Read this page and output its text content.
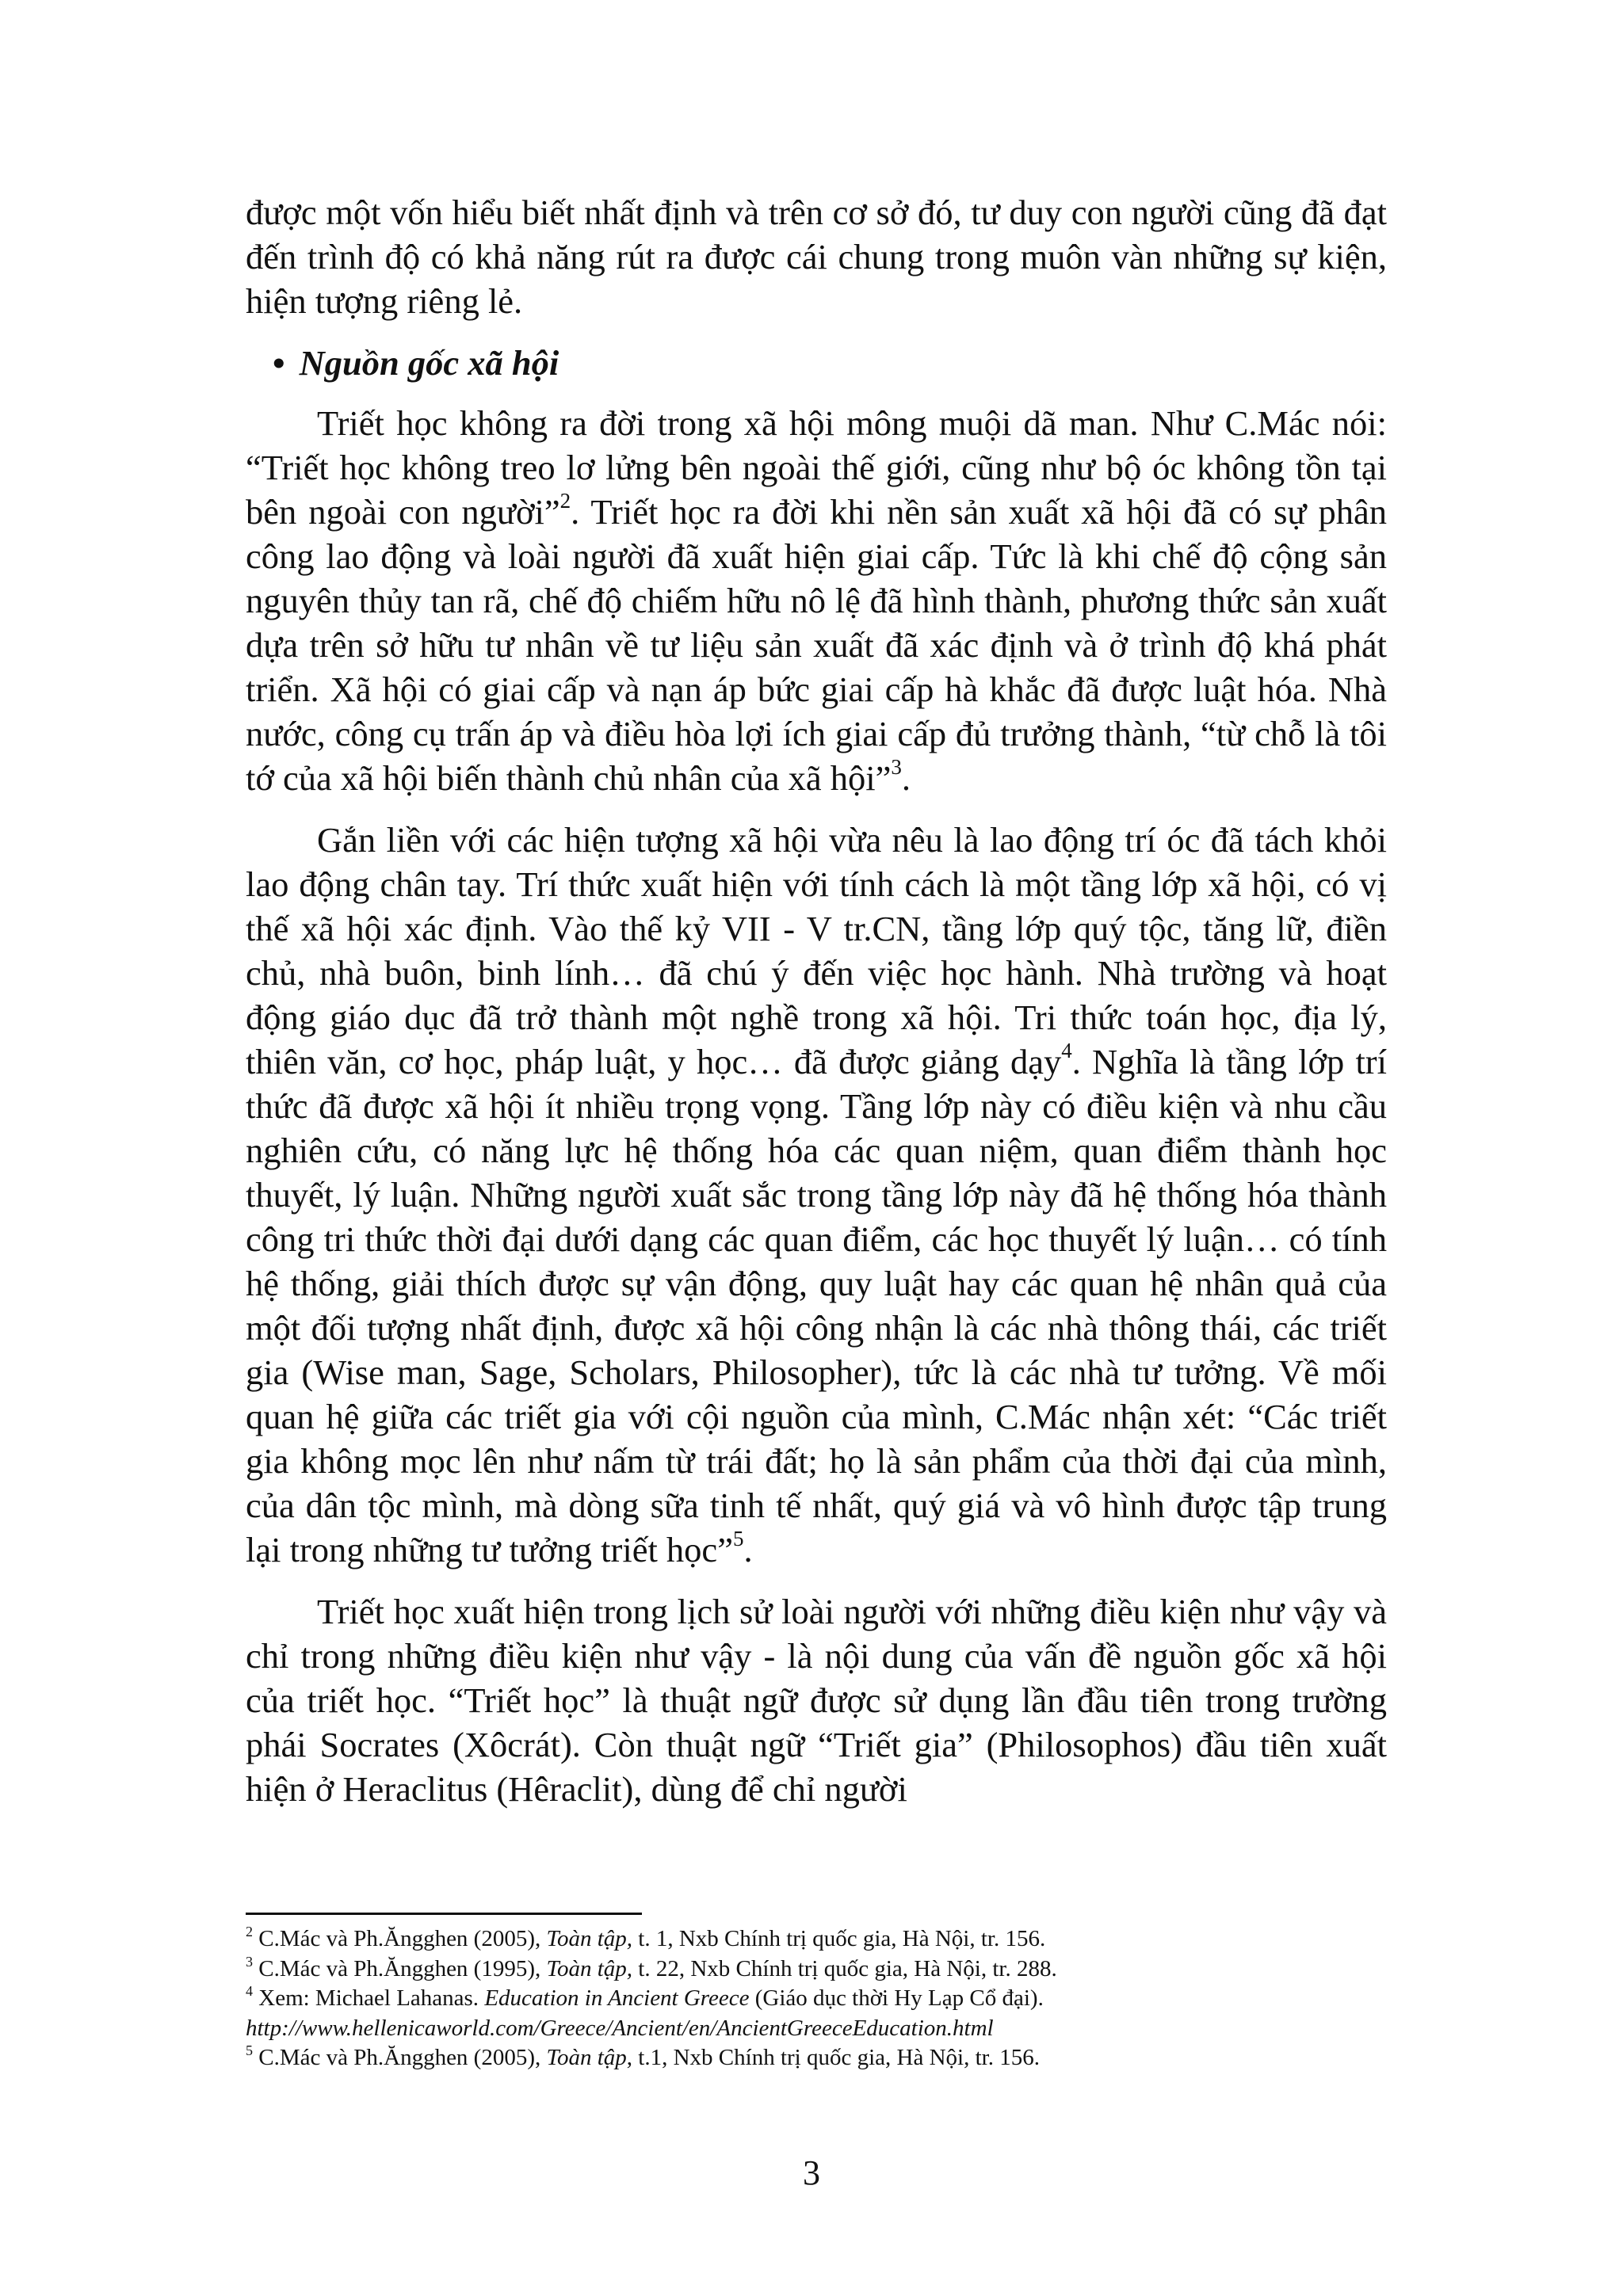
được một vốn hiểu biết nhất định và trên cơ sở đó, tư duy con người cũng đã đạt đến trình độ có khả năng rút ra được cái chung trong muôn vàn những sự kiện, hiện tượng riêng lẻ.

• Nguồn gốc xã hội

Triết học không ra đời trong xã hội mông muội dã man. Như C.Mác nói: “Triết học không treo lơ lửng bên ngoài thế giới, cũng như bộ óc không tồn tại bên ngoài con người”$^2$. Triết học ra đời khi nền sản xuất xã hội đã có sự phân công lao động và loài người đã xuất hiện giai cấp. Tức là khi chế độ cộng sản nguyên thủy tan rã, chế độ chiếm hữu nô lệ đã hình thành, phương thức sản xuất dựa trên sở hữu tư nhân về tư liệu sản xuất đã xác định và ở trình độ khá phát triển. Xã hội có giai cấp và nạn áp bức giai cấp hà khắc đã được luật hóa. Nhà nước, công cụ trấn áp và điều hòa lợi ích giai cấp đủ trưởng thành, “từ chỗ là tôi tớ của xã hội biến thành chủ nhân của xã hội”$^3$.

Gắn liền với các hiện tượng xã hội vừa nêu là lao động trí óc đã tách khỏi lao động chân tay. Trí thức xuất hiện với tính cách là một tầng lớp xã hội, có vị thế xã hội xác định. Vào thế kỷ VII - V tr.CN, tầng lớp quý tộc, tăng lữ, điền chủ, nhà buôn, binh lính… đã chú ý đến việc học hành. Nhà trường và hoạt động giáo dục đã trở thành một nghề trong xã hội. Tri thức toán học, địa lý, thiên văn, cơ học, pháp luật, y học… đã được giảng dạy$^4$. Nghĩa là tầng lớp trí thức đã được xã hội ít nhiều trọng vọng. Tầng lớp này có điều kiện và nhu cầu nghiên cứu, có năng lực hệ thống hóa các quan niệm, quan điểm thành học thuyết, lý luận. Những người xuất sắc trong tầng lớp này đã hệ thống hóa thành công tri thức thời đại dưới dạng các quan điểm, các học thuyết lý luận… có tính hệ thống, giải thích được sự vận động, quy luật hay các quan hệ nhân quả của một đối tượng nhất định, được xã hội công nhận là các nhà thông thái, các triết gia (Wise man, Sage, Scholars, Philosopher), tức là các nhà tư tưởng. Về mối quan hệ giữa các triết gia với cội nguồn của mình, C.Mác nhận xét: “Các triết gia không mọc lên như nấm từ trái đất; họ là sản phẩm của thời đại của mình, của dân tộc mình, mà dòng sữa tinh tế nhất, quý giá và vô hình được tập trung lại trong những tư tưởng triết học”$^5$.

Triết học xuất hiện trong lịch sử loài người với những điều kiện như vậy và chỉ trong những điều kiện như vậy - là nội dung của vấn đề nguồn gốc xã hội của triết học. “Triết học” là thuật ngữ được sử dụng lần đầu tiên trong trường phái Socrates (Xôcrát). Còn thuật ngữ “Triết gia” (Philosophos) đầu tiên xuất hiện ở Heraclitus (Hêraclit), dùng để chỉ người

$^2$ C.Mác và Ph.Ăngghen (2005), Toàn tập, t. 1, Nxb Chính trị quốc gia, Hà Nội, tr. 156.

$^3$ C.Mác và Ph.Ăngghen (1995), Toàn tập, t. 22, Nxb Chính trị quốc gia, Hà Nội, tr. 288.

$^4$ Xem: Michael Lahanas. Education in Ancient Greece (Giáo dục thời Hy Lạp Cổ đại).

http://www.hellenicaworld.com/Greece/Ancient/en/AncientGreeceEducation.html

$^5$ C.Mác và Ph.Ăngghen (2005), Toàn tập, t.1, Nxb Chính trị quốc gia, Hà Nội, tr. 156.

3
